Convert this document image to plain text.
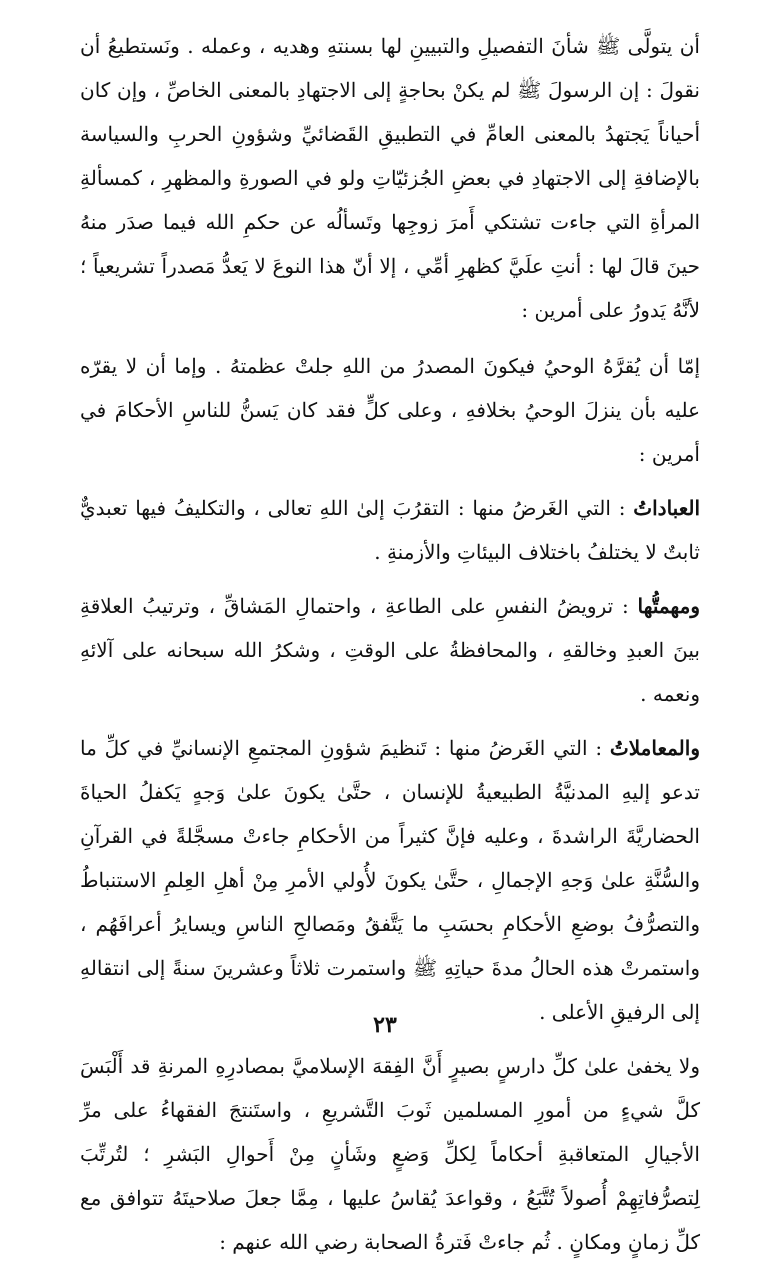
أن يتولَّى ﷺ شأنَ التفصيلِ والتبيينِ لها بسنتهِ وهديه ، وعمله . ونَستطيعُ أن نقولَ : إن الرسولَ ﷺ لم يكنْ بحاجةٍ إلى الاجتهادِ بالمعنى الخاصِّ ، وإن كان أحياناً يَجتهدُ بالمعنى العامِّ في التطبيقِ القَضائيِّ وشؤونِ الحربِ والسياسة بالإضافةِ إلى الاجتهادِ في بعضِ الجُزئيّاتِ ولو في الصورةِ والمظهرِ ، كمسألةِ المرأةِ التي جاءت تشتكي أَمرَ زوجِها وتَسألُه عن حكمِ الله فيما صدَر منهُ حينَ قالَ لها : أنتِ علَيَّ كظهرِ أمِّي ، إلا أنّ هذا النوعَ لا يَعدُّ مَصدراً تشريعياً ؛ لأنَّهُ يَدورُ على أمرين :

إمّا أن يُقرَّهُ الوحيُ فيكونَ المصدرُ من اللهِ جلتْ عظمتهُ . وإما أن لا يقرّه عليه بأن ينزلَ الوحيُ بخلافهِ ، وعلى كلٍّ فقد كان يَسنُّ للناسِ الأحكامَ في أمرين :

العباداتُ : التي الغَرضُ منها : التقرُبَ إلىٰ اللهِ تعالى ، والتكليفُ فيها تعبديٌّ ثابتٌ لا يختلفُ باختلاف البيئاتِ والأزمنةِ .

ومهمتُّها : ترويضُ النفسِ على الطاعةِ ، واحتمالِ المَشاقِّ ، وترتيبُ العلاقةِ بينَ العبدِ وخالقهِ ، والمحافظةُ على الوقتِ ، وشكرُ الله سبحانه على آلائهِ ونعمه .

والمعاملاتُ : التي الغَرضُ منها : تَنظيمَ شؤونِ المجتمعِ الإنسانيِّ في كلِّ ما تدعو إليهِ المدنيَّةُ الطبيعيةُ للإنسان ، حتَّىٰ يكونَ علىٰ وَجهٍ يَكفلُ الحياةَ الحضاريَّةَ الراشدةَ ، وعليه فإنَّ كثيراً من الأحكامِ جاءتْ مسجَّلةً في القرآنِ والسُّنَّةِ علىٰ وَجهِ الإجمالِ ، حتَّىٰ يكونَ لأُولي الأمرِ مِنْ أهلِ العِلمِ الاستنباطُ والتصرُّفُ بوضعِ الأحكامِ بحسَبِ ما يَتَّفقُ ومَصالحِ الناسِ ويسايرُ أعرافَهُم ، واستمرتْ هذه الحالُ مدةَ حياتِهِ ﷺ واستمرت ثلاثاً وعشرينَ سنةً إلى انتقالهِ إلى الرفيقِ الأعلى .

ولا يخفىٰ علىٰ كلِّ دارسٍ بصيرٍ أَنَّ الفِقهَ الإسلاميَّ بمصادرِهِ المرنةِ قد أَلْبَسَ كلَّ شيءٍ من أمورِ المسلمين ثَوبَ التَّشريعِ ، واستَنتجَ الفقهاءُ على مرِّ الأجيالِ المتعاقبةِ أحكاماً لِكلِّ وَضعٍ وشَأنٍ مِنْ أَحوالِ البَشرِ ؛ لتُرتِّبَ لِتصرُّفاتِهِمْ أُصولاً تُتَّبَعُ ، وقواعدَ يُقاسُ عليها ، مِمَّا جعلَ صلاحيتَهُ تتوافق مع كلِّ زمانٍ ومكانٍ . ثُم جاءتْ فَترةُ الصحابة رضي الله عنهم :

٢٣
